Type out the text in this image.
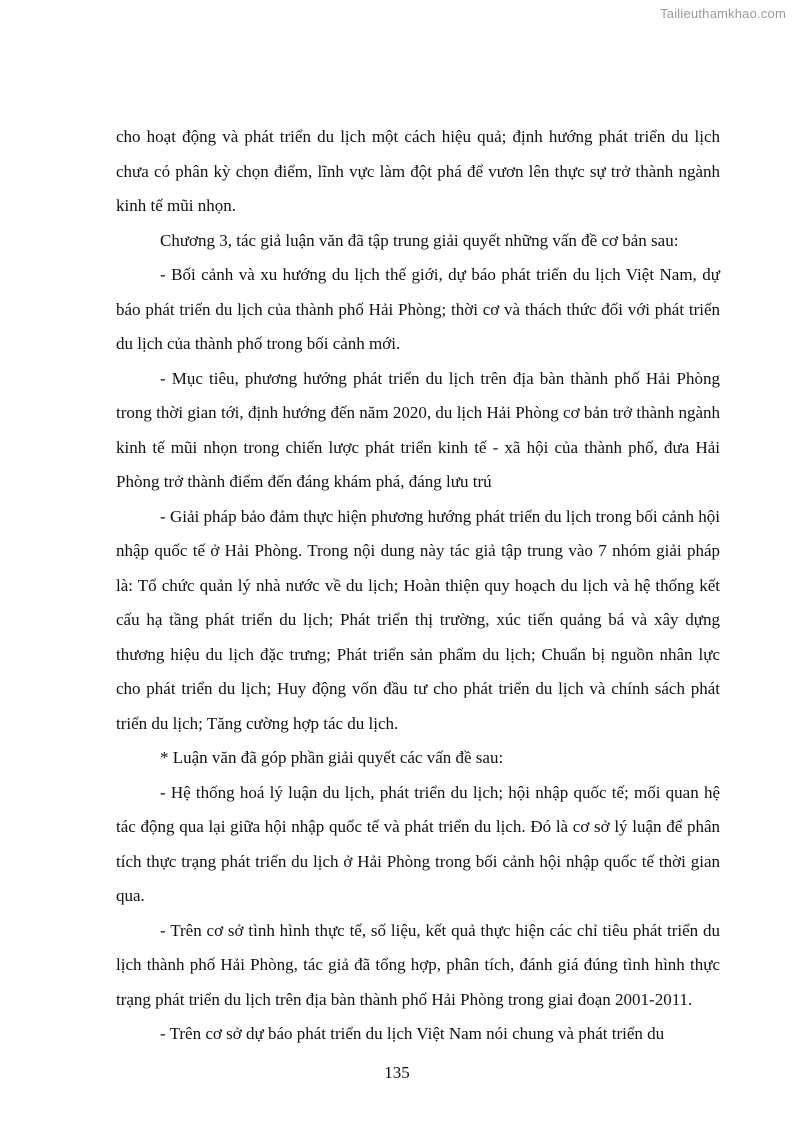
Tailieuthamkhao.com

cho hoạt động và phát triển du lịch một cách hiệu quả; định hướng phát triển du lịch chưa có phân kỳ chọn điểm, lĩnh vực làm đột phá để vươn lên thực sự trở thành ngành kinh tế mũi nhọn.

Chương 3, tác giả luận văn đã tập trung giải quyết những vấn đề cơ bản sau:

- Bối cảnh và xu hướng du lịch thế giới, dự báo phát triển du lịch Việt Nam, dự báo phát triển du lịch của thành phố Hải Phòng; thời cơ và thách thức đối với phát triển du lịch của thành phố trong bối cảnh mới.

- Mục tiêu, phương hướng phát triển du lịch trên địa bàn thành phố Hải Phòng trong thời gian tới, định hướng đến năm 2020, du lịch Hải Phòng cơ bản trở thành ngành kinh tế mũi nhọn trong chiến lược phát triển kinh tế - xã hội của thành phố, đưa Hải Phòng trở thành điểm đến đáng khám phá, đáng lưu trú

- Giải pháp bảo đảm thực hiện phương hướng phát triển du lịch trong bối cảnh hội nhập quốc tế ở Hải Phòng. Trong nội dung này tác giả tập trung vào 7 nhóm giải pháp là: Tổ chức quản lý nhà nước về du lịch; Hoàn thiện quy hoạch du lịch và hệ thống kết cấu hạ tầng phát triển du lịch; Phát triển thị trường, xúc tiến quảng bá và xây dựng thương hiệu du lịch đặc trưng; Phát triển sản phẩm du lịch; Chuẩn bị nguồn nhân lực cho phát triển du lịch; Huy động vốn đầu tư cho phát triển du lịch và chính sách phát triển du lịch; Tăng cường hợp tác du lịch.

* Luận văn đã góp phần giải quyết các vấn đề sau:

- Hệ thống hoá lý luận du lịch, phát triển du lịch; hội nhập quốc tế; mối quan hệ tác động qua lại giữa hội nhập quốc tế và phát triển du lịch. Đó là cơ sở lý luận để phân tích thực trạng phát triển du lịch ở Hải Phòng trong bối cảnh hội nhập quốc tế thời gian qua.

- Trên cơ sở tình hình thực tế, số liệu, kết quả thực hiện các chỉ tiêu phát triển du lịch thành phố Hải Phòng, tác giả đã tổng hợp, phân tích, đánh giá đúng tình hình thực trạng phát triển du lịch trên địa bàn thành phố Hải Phòng trong giai đoạn 2001-2011.

- Trên cơ sở dự báo phát triển du lịch Việt Nam nói chung và phát triển du

135
